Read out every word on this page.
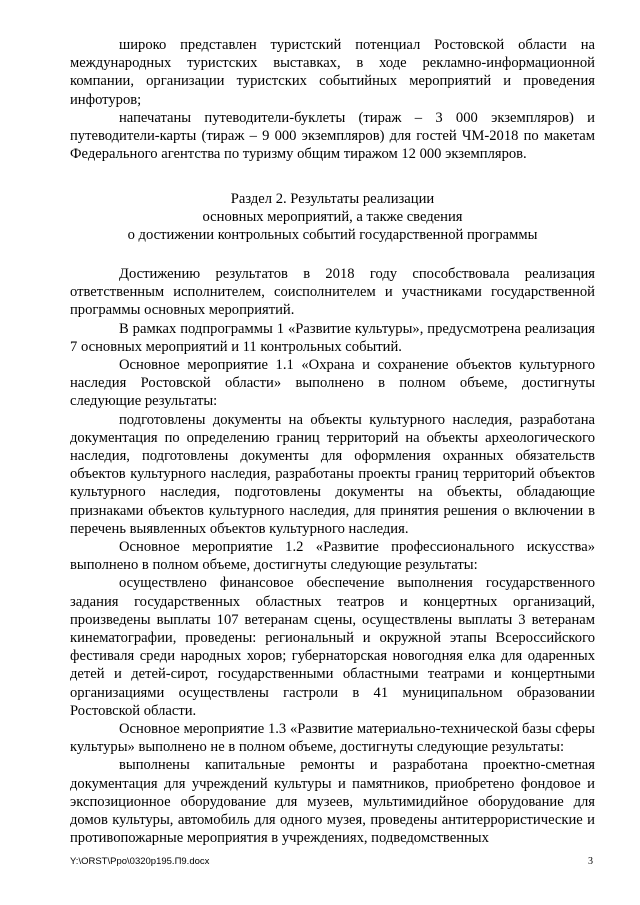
широко представлен туристский потенциал Ростовской области на международных туристских выставках, в ходе рекламно-информационной компании, организации туристских событийных мероприятий и проведения инфотуров;

напечатаны путеводители-буклеты (тираж – 3 000 экземпляров) и путеводители-карты (тираж – 9 000 экземпляров) для гостей ЧМ-2018 по макетам Федерального агентства по туризму общим тиражом 12 000 экземпляров.

Раздел 2. Результаты реализации
основных мероприятий, а также сведения
о достижении контрольных событий государственной программы

Достижению результатов в 2018 году способствовала реализация ответственным исполнителем, соисполнителем и участниками государственной программы основных мероприятий.

В рамках подпрограммы 1 «Развитие культуры», предусмотрена реализация 7 основных мероприятий и 11 контрольных событий.

Основное мероприятие 1.1 «Охрана и сохранение объектов культурного наследия Ростовской области» выполнено в полном объеме, достигнуты следующие результаты:

подготовлены документы на объекты культурного наследия, разработана документация по определению границ территорий на объекты археологического наследия, подготовлены документы для оформления охранных обязательств объектов культурного наследия, разработаны проекты границ территорий объектов культурного наследия, подготовлены документы на объекты, обладающие признаками объектов культурного наследия, для принятия решения о включении в перечень выявленных объектов культурного наследия.

Основное мероприятие 1.2 «Развитие профессионального искусства» выполнено в полном объеме, достигнуты следующие результаты:

осуществлено финансовое обеспечение выполнения государственного задания государственных областных театров и концертных организаций, произведены выплаты 107 ветеранам сцены, осуществлены выплаты 3 ветеранам кинематографии, проведены: региональный и окружной этапы Всероссийского фестиваля среди народных хоров; губернаторская новогодняя елка для одаренных детей и детей-сирот, государственными областными театрами и концертными организациями осуществлены гастроли в 41 муниципальном образовании Ростовской области.

Основное мероприятие 1.3 «Развитие материально-технической базы сферы культуры» выполнено не в полном объеме, достигнуты следующие результаты:

выполнены капитальные ремонты и разработана проектно-сметная документация для учреждений культуры и памятников, приобретено фондовое и экспозиционное оборудование для музеев, мультимидийное оборудование для домов культуры, автомобиль для одного музея, проведены антитеррористические и противопожарные мероприятия в учреждениях, подведомственных

Y:\ORST\Ppo\0320p195.П9.docx	3
